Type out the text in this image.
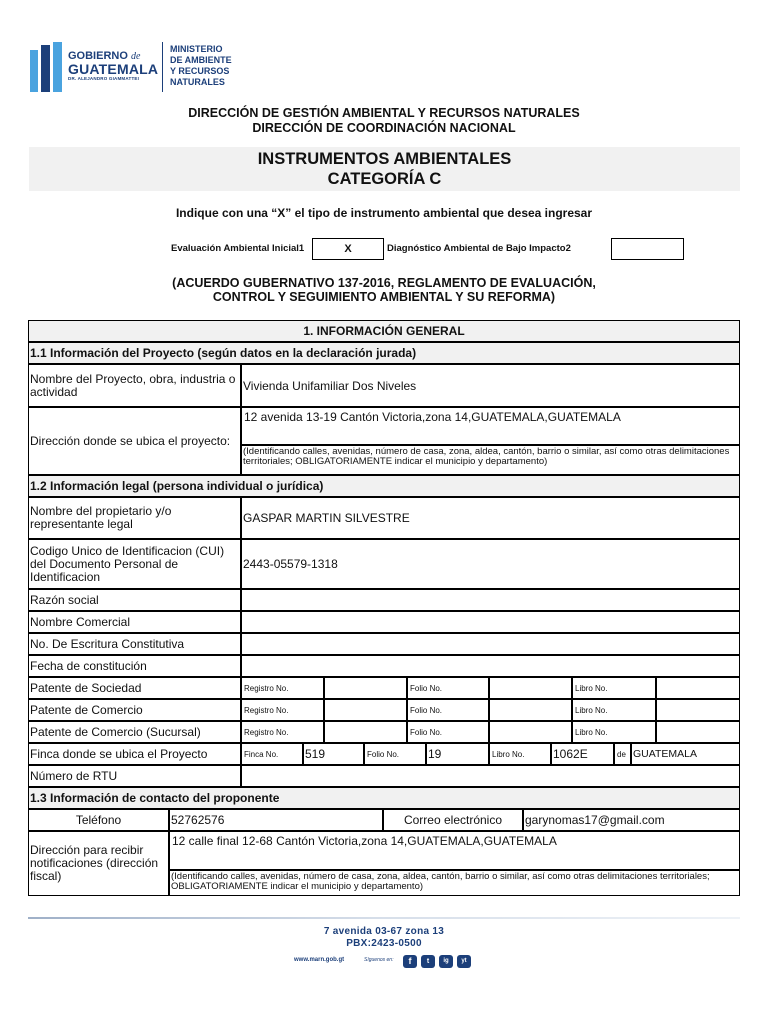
GOBIERNO de
GUATEMALA
DR. ALEJANDRO GIAMMATTEI
MINISTERIO
DE AMBIENTE
Y RECURSOS
NATURALES
DIRECCIÓN DE GESTIÓN AMBIENTAL Y RECURSOS NATURALES
DIRECCIÓN DE COORDINACIÓN NACIONAL
INSTRUMENTOS AMBIENTALES
CATEGORÍA C
Indique con una “X” el tipo de instrumento ambiental que desea ingresar
Evaluación Ambiental Inicial1	X	Diagnóstico Ambiental de Bajo Impacto2
(ACUERDO GUBERNATIVO 137-2016, REGLAMENTO DE EVALUACIÓN,
CONTROL Y SEGUIMIENTO AMBIENTAL Y SU REFORMA)
1. INFORMACIÓN GENERAL
1.1 Información del Proyecto (según datos en la declaración jurada)
Nombre del Proyecto, obra, industria o actividad	Vivienda Unifamiliar Dos Niveles
Dirección donde se ubica el proyecto:
12 avenida 13-19 Cantón Victoria,zona 14,GUATEMALA,GUATEMALA
(Identificando calles, avenidas, número de casa, zona, aldea, cantón, barrio o similar, así como otras delimitaciones territoriales; OBLIGATORIAMENTE indicar el municipio y departamento)
1.2 Información legal (persona individual o jurídica)
Nombre del propietario y/o representante legal	GASPAR MARTIN SILVESTRE
Codigo Unico de Identificacion (CUI) del Documento Personal de Identificacion
2443-05579-1318
Razón social
Nombre Comercial
No. De Escritura Constitutiva
Fecha de constitución
Patente de Sociedad	Registro No.	Folio No.	Libro No.
Patente de Comercio	Registro No.	Folio No.	Libro No.
Patente de Comercio (Sucursal)	Registro No.	Folio No.	Libro No.
Finca donde se ubica el Proyecto	Finca No.	519	Folio No.	19	Libro No.	1062E	de GUATEMALA
Número de RTU
1.3 Información de contacto del proponente
Teléfono	52762576	Correo electrónico	garynomas17@gmail.com
Dirección para recibir notificaciones (dirección fiscal)
12 calle final 12-68 Cantón Victoria,zona 14,GUATEMALA,GUATEMALA
(Identificando calles, avenidas, número de casa, zona, aldea, cantón, barrio o similar, así como otras delimitaciones territoriales; OBLIGATORIAMENTE indicar el municipio y departamento)
7 avenida 03-67 zona 13
PBX:2423-0500
www.marn.gob.gt	Síguenos en:	f	t	ig	yt
